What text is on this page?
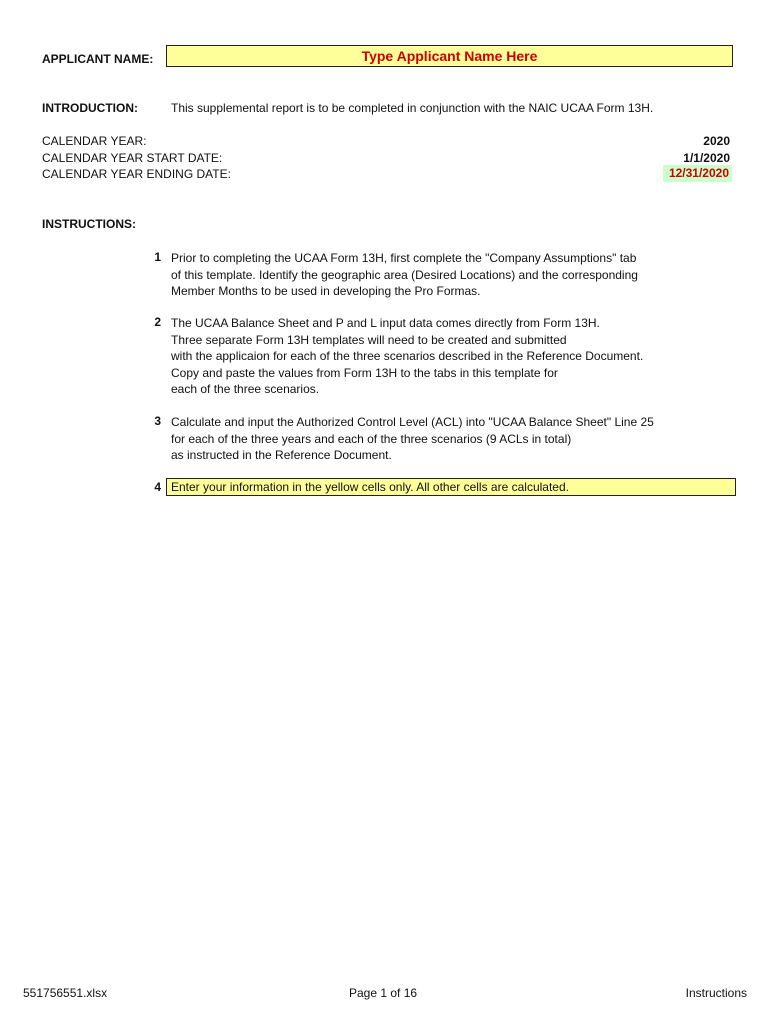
APPLICANT NAME:	Type Applicant Name Here
INTRODUCTION:	This supplemental report is to be completed in conjunction with the NAIC UCAA Form 13H.
CALENDAR YEAR:	2020
CALENDAR YEAR START DATE:	1/1/2020
CALENDAR YEAR ENDING DATE:	12/31/2020
INSTRUCTIONS:
1 Prior to completing the UCAA Form 13H, first complete the "Company Assumptions" tab
of this template. Identify the geographic area (Desired Locations) and the corresponding
Member Months to be used in developing the Pro Formas.
2 The UCAA Balance Sheet and P and L input data comes directly from Form 13H.
Three separate Form 13H templates will need to be created and submitted
with the applicaion for each of the three scenarios described in the Reference Document.
Copy and paste the values from Form 13H to the tabs in this template for
each of the three scenarios.
3 Calculate and input the Authorized Control Level (ACL) into "UCAA Balance Sheet" Line 25
for each of the three years and each of the three scenarios (9 ACLs in total)
as instructed in the Reference Document.
4 Enter your information in the yellow cells only. All other cells are calculated.
551756551.xlsx	Page 1 of 16	Instructions
